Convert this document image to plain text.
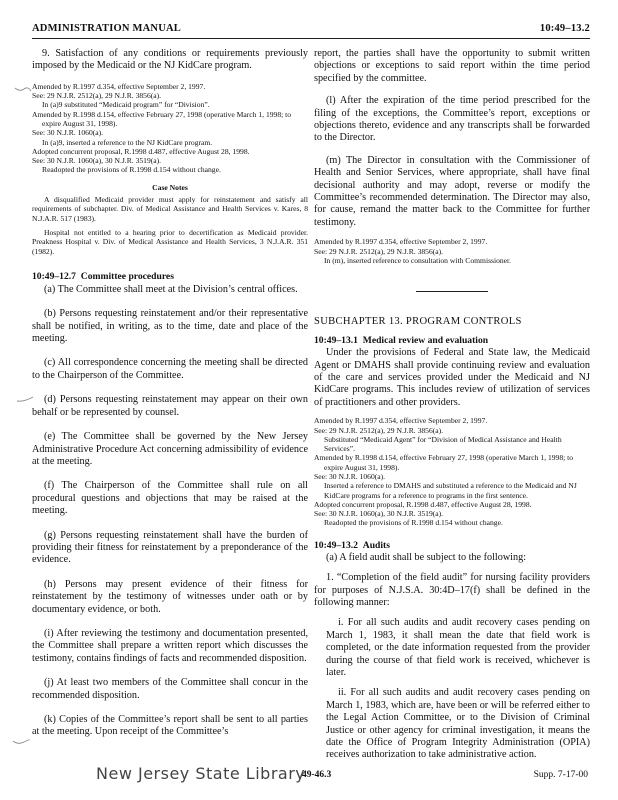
ADMINISTRATION MANUAL	10:49–13.2

9. Satisfaction of any conditions or requirements previously imposed by the Medicaid or the NJ KidCare program.

Amended by R.1997 d.354, effective September 2, 1997.

See: 29 N.J.R. 2512(a), 29 N.J.R. 3856(a).

In (a)9 substituted “Medicaid program” for “Division”.

Amended by R.1998 d.154, effective February 27, 1998 (operative March 1, 1998; to expire August 31, 1998).

See: 30 N.J.R. 1060(a).

In (a)9, inserted a reference to the NJ KidCare program.

Adopted concurrent proposal, R.1998 d.487, effective August 28, 1998.

See: 30 N.J.R. 1060(a), 30 N.J.R. 3519(a).

Readopted the provisions of R.1998 d.154 without change.

Case Notes

A disqualified Medicaid provider must apply for reinstatement and satisfy all requirements of subchapter. Div. of Medical Assistance and Health Services v. Kares, 8 N.J.A.R. 517 (1983).

Hospital not entitled to a hearing prior to decertification as Medicaid provider. Preakness Hospital v. Div. of Medical Assistance and Health Services, 3 N.J.A.R. 351 (1982).

10:49–12.7 Committee procedures

(a) The Committee shall meet at the Division’s central offices.

(b) Persons requesting reinstatement and/or their representative shall be notified, in writing, as to the time, date and place of the meeting.

(c) All correspondence concerning the meeting shall be directed to the Chairperson of the Committee.

(d) Persons requesting reinstatement may appear on their own behalf or be represented by counsel.

(e) The Committee shall be governed by the New Jersey Administrative Procedure Act concerning admissibility of evidence at the meeting.

(f) The Chairperson of the Committee shall rule on all procedural questions and objections that may be raised at the meeting.

(g) Persons requesting reinstatement shall have the burden of providing their fitness for reinstatement by a preponderance of the evidence.

(h) Persons may present evidence of their fitness for reinstatement by the testimony of witnesses under oath or by documentary evidence, or both.

(i) After reviewing the testimony and documentation presented, the Committee shall prepare a written report which discusses the testimony, contains findings of facts and recommended disposition.

(j) At least two members of the Committee shall concur in the recommended disposition.

(k) Copies of the Committee’s report shall be sent to all parties at the meeting. Upon receipt of the Committee’s

report, the parties shall have the opportunity to submit written objections or exceptions to said report within the time period specified by the committee.

(l) After the expiration of the time period prescribed for the filing of the exceptions, the Committee’s report, exceptions or objections thereto, evidence and any transcripts shall be forwarded to the Director.

(m) The Director in consultation with the Commissioner of Health and Senior Services, where appropriate, shall have final decisional authority and may adopt, reverse or modify the Committee’s recommended determination. The Director may also, for cause, remand the matter back to the Committee for further testimony.

Amended by R.1997 d.354, effective September 2, 1997.

See: 29 N.J.R. 2512(a), 29 N.J.R. 3856(a).

In (m), inserted reference to consultation with Commissioner.

SUBCHAPTER 13. PROGRAM CONTROLS

10:49–13.1 Medical review and evaluation

Under the provisions of Federal and State law, the Medicaid Agent or DMAHS shall provide continuing review and evaluation of the care and services provided under the Medicaid and NJ KidCare programs. This includes review of utilization of services of practitioners and other providers.

Amended by R.1997 d.354, effective September 2, 1997.

See: 29 N.J.R. 2512(a), 29 N.J.R. 3856(a).

Substituted “Medicaid Agent” for “Division of Medical Assistance and Health Services”.

Amended by R.1998 d.154, effective February 27, 1998 (operative March 1, 1998; to expire August 31, 1998).

See: 30 N.J.R. 1060(a).

Inserted a reference to DMAHS and substituted a reference to the Medicaid and NJ KidCare programs for a reference to programs in the first sentence.

Adopted concurrent proposal, R.1998 d.487, effective August 28, 1998.

See: 30 N.J.R. 1060(a), 30 N.J.R. 3519(a).

Readopted the provisions of R.1998 d.154 without change.

10:49–13.2 Audits

(a) A field audit shall be subject to the following:

1. “Completion of the field audit” for nursing facility providers for purposes of N.J.S.A. 30:4D–17(f) shall be defined in the following manner:

i. For all such audits and audit recovery cases pending on March 1, 1983, it shall mean the date that field work is completed, or the date information requested from the provider during the course of that field work is received, whichever is later.

ii. For all such audits and audit recovery cases pending on March 1, 1983, which are, have been or will be referred either to the Legal Action Committee, or to the Division of Criminal Justice or other agency for criminal investigation, it means the date the Office of Program Integrity Administration (OPIA) receives authorization to take administrative action.

New Jersey State Library
49-46.3	Supp. 7-17-00
